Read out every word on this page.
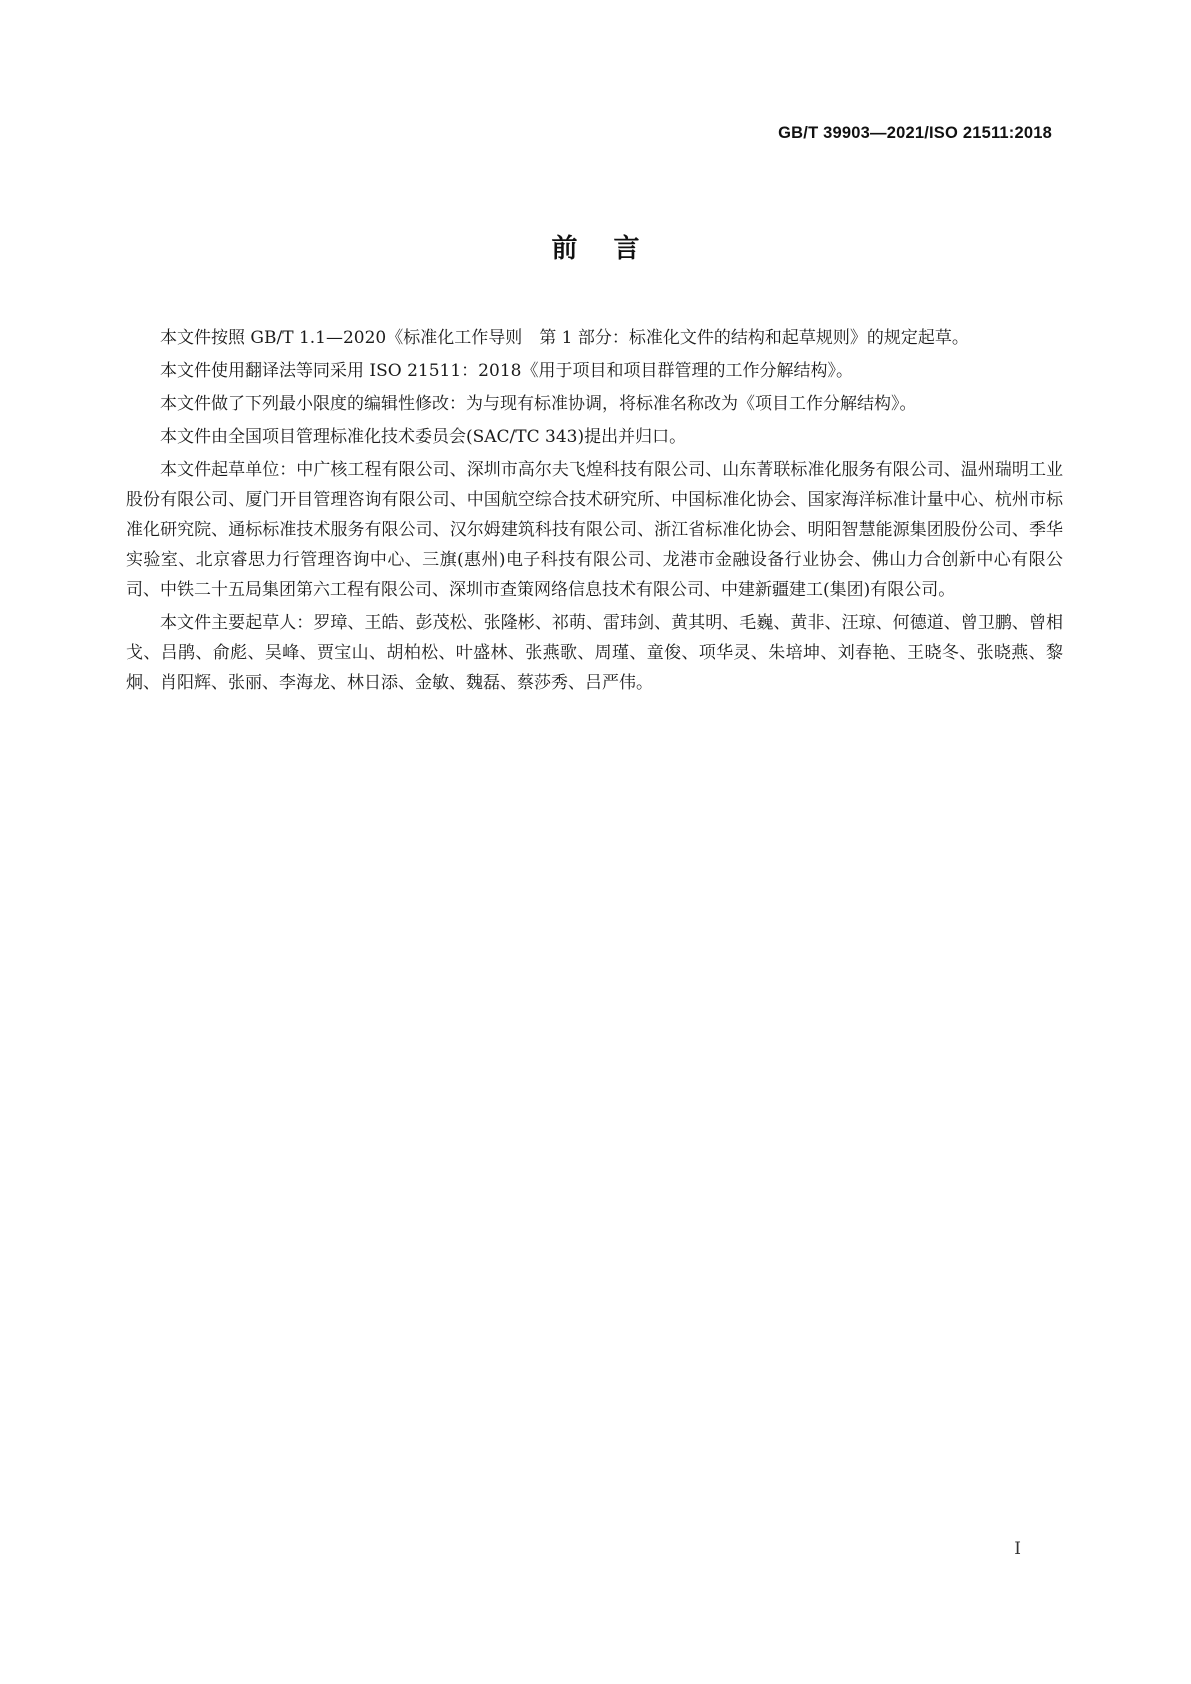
GB/T 39903—2021/ISO 21511:2018
前言

本文件按照 GB/T 1.1—2020《标准化工作导则　第 1 部分：标准化文件的结构和起草规则》的规定起草。

本文件使用翻译法等同采用 ISO 21511：2018《用于项目和项目群管理的工作分解结构》。

本文件做了下列最小限度的编辑性修改：为与现有标准协调，将标准名称改为《项目工作分解结构》。

本文件由全国项目管理标准化技术委员会(SAC/TC 343)提出并归口。

本文件起草单位：中广核工程有限公司、深圳市高尔夫飞煌科技有限公司、山东菁联标准化服务有限公司、温州瑞明工业股份有限公司、厦门开目管理咨询有限公司、中国航空综合技术研究所、中国标准化协会、国家海洋标准计量中心、杭州市标准化研究院、通标标准技术服务有限公司、汉尔姆建筑科技有限公司、浙江省标准化协会、明阳智慧能源集团股份公司、季华实验室、北京睿思力行管理咨询中心、三旗(惠州)电子科技有限公司、龙港市金融设备行业协会、佛山力合创新中心有限公司、中铁二十五局集团第六工程有限公司、深圳市查策网络信息技术有限公司、中建新疆建工(集团)有限公司。

本文件主要起草人：罗璋、王皓、彭茂松、张隆彬、祁萌、雷玮剑、黄其明、毛巍、黄非、汪琼、何德道、曾卫鹏、曾相戈、吕鹃、俞彪、吴峰、贾宝山、胡柏松、叶盛林、张燕歌、周瑾、童俊、项华灵、朱培坤、刘春艳、王晓冬、张晓燕、黎炯、肖阳辉、张丽、李海龙、林日添、金敏、魏磊、蔡莎秀、吕严伟。

I
